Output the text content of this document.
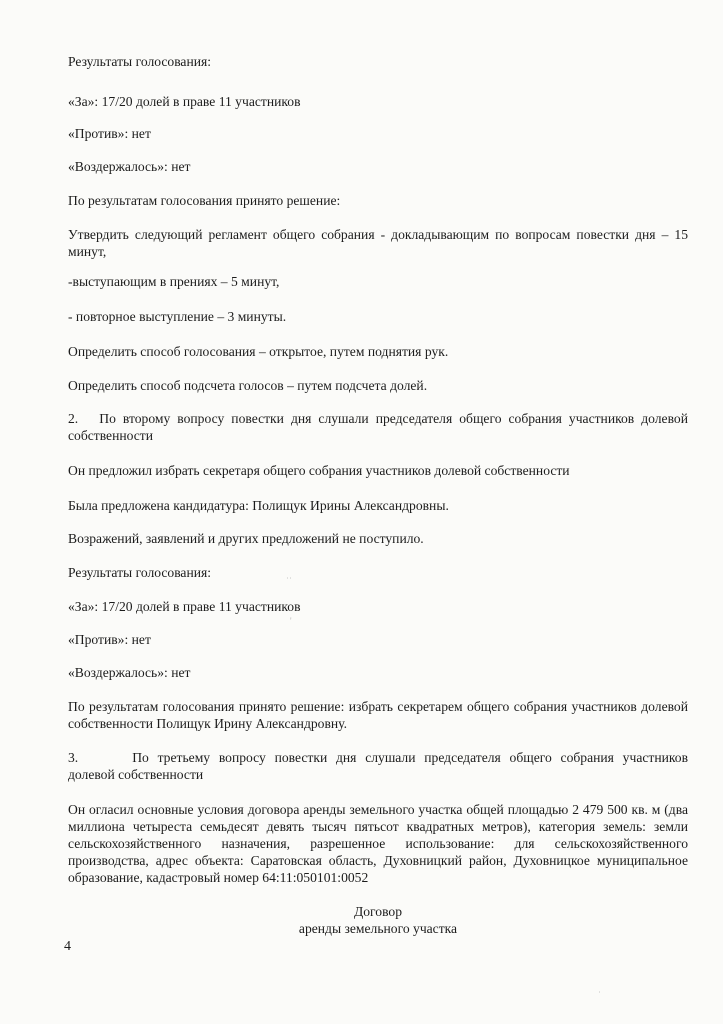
Результаты голосования:

«За»: 17/20 долей в праве 11 участников

«Против»: нет

«Воздержалось»: нет

По результатам голосования принято решение:

Утвердить следующий регламент общего собрания - докладывающим по вопросам повестки дня – 15 минут,

-выступающим в прениях – 5 минут,

- повторное выступление – 3 минуты.

Определить способ голосования – открытое, путем поднятия рук.

Определить способ подсчета голосов – путем подсчета долей.

2. По второму вопросу повестки дня слушали председателя общего собрания участников долевой собственности

Он предложил избрать секретаря общего собрания участников долевой собственности

Была предложена кандидатура: Полищук Ирины Александровны.

Возражений, заявлений и других предложений не поступило.

Результаты голосования:

«За»: 17/20 долей в праве 11 участников

«Против»: нет

«Воздержалось»: нет

По результатам голосования принято решение: избрать секретарем общего собрания участников долевой собственности Полищук Ирину Александровну.

3.	По третьему вопросу повестки дня слушали председателя общего собрания участников долевой собственности

Он огласил основные условия договора аренды земельного участка общей площадью 2 479 500 кв. м (два миллиона четыреста семьдесят девять тысяч пятьсот квадратных метров), категория земель: земли сельскохозяйственного назначения, разрешенное использование: для сельскохозяйственного производства, адрес объекта: Саратовская область, Духовницкий район, Духовницкое муниципальное образование, кадастровый номер 64:11:050101:0052

Договор
аренды земельного участка
4
˙˙
'
˙
